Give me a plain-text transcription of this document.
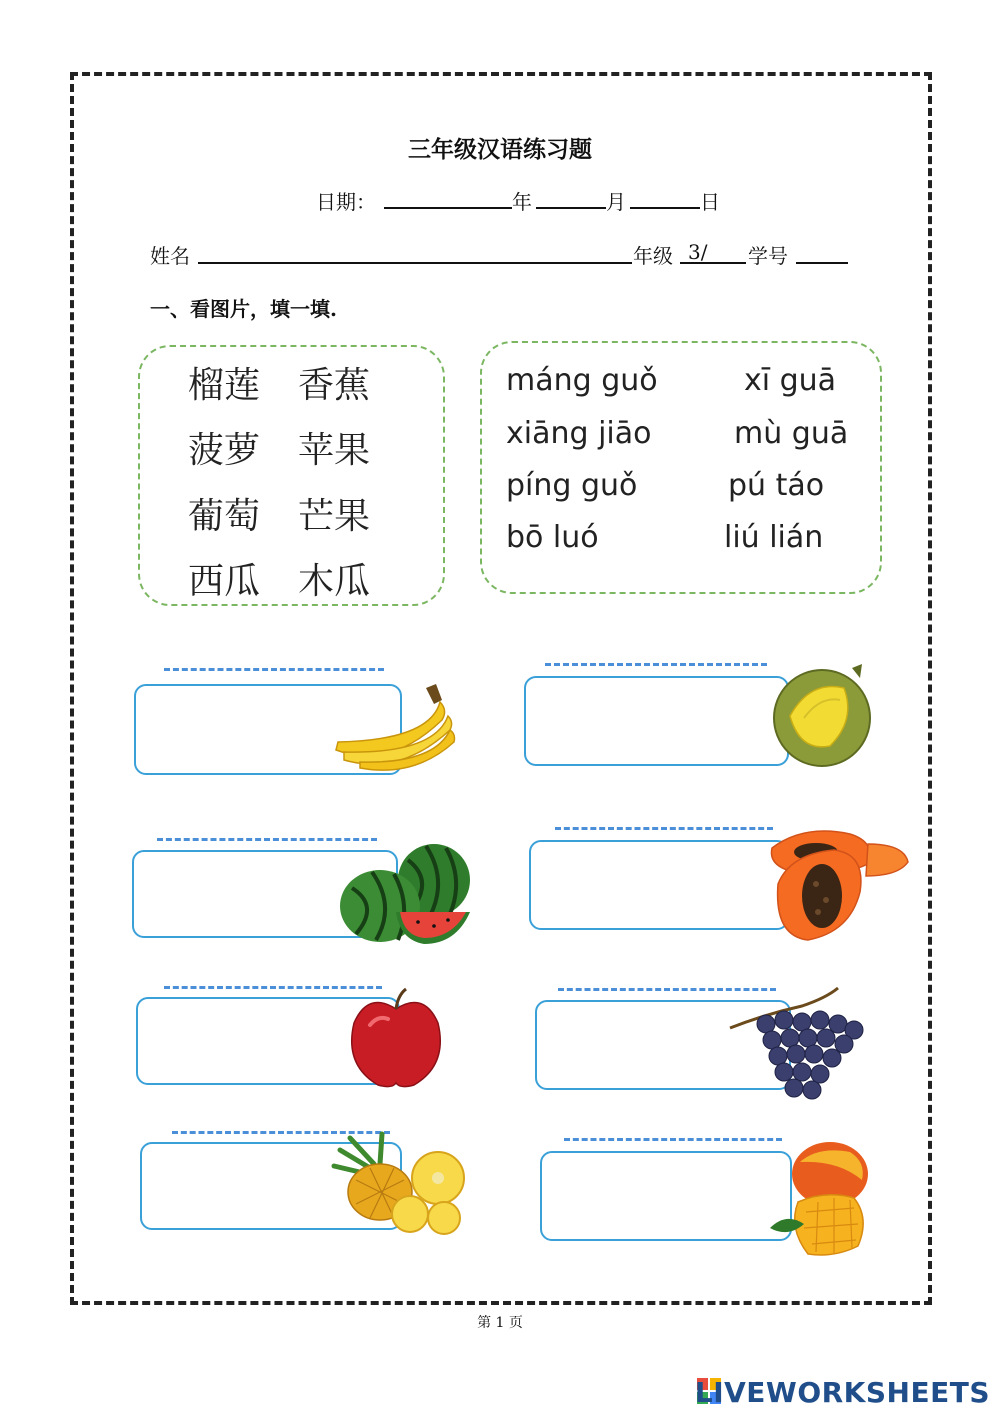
三年级汉语练习题
日期：	年	月	日
姓名	年级 3/ 学号
一、看图片，填一填.
榴莲 香蕉
菠萝 苹果
葡萄 芒果
西瓜 木瓜
máng guǒ	xī guā
xiāng jiāo	mù guā
píng guǒ	pú táo
bō luó	liú lián
第 1 页
LIVEWORKSHEETS
